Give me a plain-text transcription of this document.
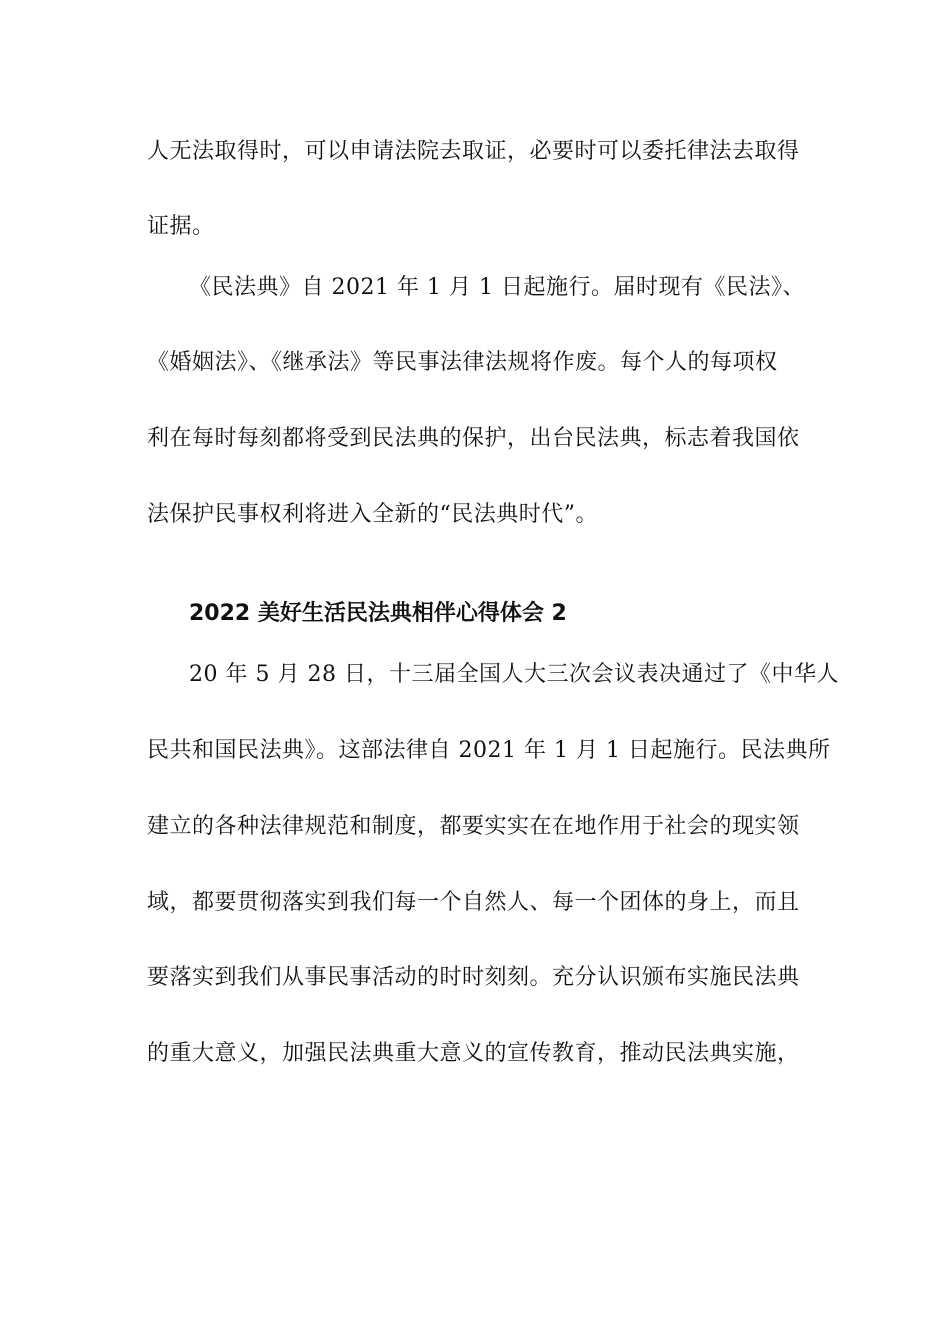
人无法取得时，可以申请法院去取证，必要时可以委托律法去取得
证据。
《民法典》自 2021 年 1 月 1 日起施行。届时现有《民法》、
《婚姻法》、《继承法》等民事法律法规将作废。每个人的每项权
利在每时每刻都将受到民法典的保护，出台民法典，标志着我国依
法保护民事权利将进入全新的“民法典时代”。
2022 美好生活民法典相伴心得体会 2
20 年 5 月 28 日，十三届全国人大三次会议表决通过了《中华人
民共和国民法典》。这部法律自 2021 年 1 月 1 日起施行。民法典所
建立的各种法律规范和制度，都要实实在在地作用于社会的现实领
域，都要贯彻落实到我们每一个自然人、每一个团体的身上，而且
要落实到我们从事民事活动的时时刻刻。充分认识颁布实施民法典
的重大意义，加强民法典重大意义的宣传教育，推动民法典实施，
